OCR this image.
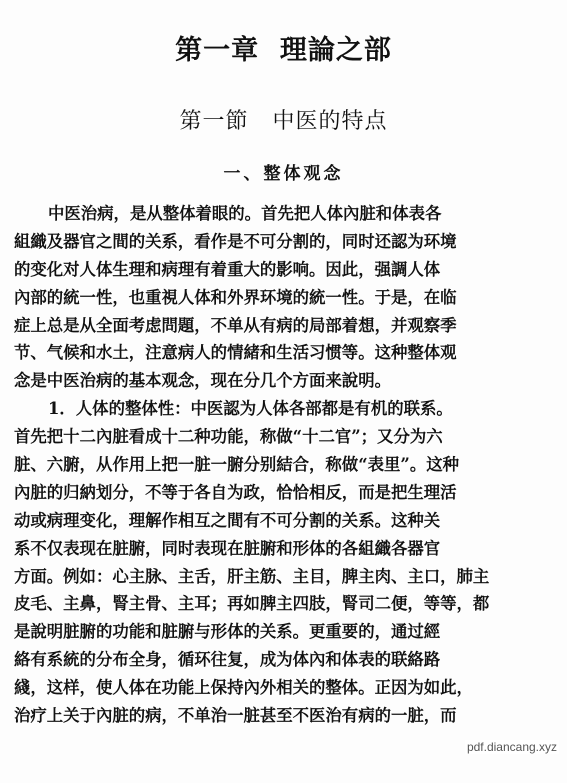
第一章  理論之部
第一節   中医的特点
一、整体观念
中医治病，是从整体着眼的。首先把人体內脏和体表各
組織及器官之間的关系，看作是不可分割的，同时还認为环境
的变化对人体生理和病理有着重大的影响。因此，强調人体
內部的統一性，也重視人体和外界环境的統一性。于是，在临
症上总是从全面考虑問題，不单从有病的局部着想，并观察季
节、气候和水土，注意病人的情緒和生活习惯等。这种整体观
念是中医治病的基本观念，现在分几个方面来說明。
1．人体的整体性：中医認为人体各部都是有机的联系。
首先把十二內脏看成十二种功能，称做“十二官”；又分为六
脏、六腑，从作用上把一脏一腑分别結合，称做“表里”。这种
內脏的归納划分，不等于各自为政，恰恰相反，而是把生理活
动或病理变化，理解作相互之間有不可分割的关系。这种关
系不仅表现在脏腑，同时表现在脏腑和形体的各組織各器官
方面。例如：心主脉、主舌，肝主筋、主目，脾主肉、主口，肺主
皮毛、主鼻，腎主骨、主耳；再如脾主四肢，腎司二便，等等，都
是說明脏腑的功能和脏腑与形体的关系。更重要的，通过經
絡有系統的分布全身，循环往复，成为体內和体表的联絡路
綫，这样，使人体在功能上保持內外相关的整体。正因为如此，
治疗上关于內脏的病，不单治一脏甚至不医治有病的一脏，而
pdf.diancang.xyz
